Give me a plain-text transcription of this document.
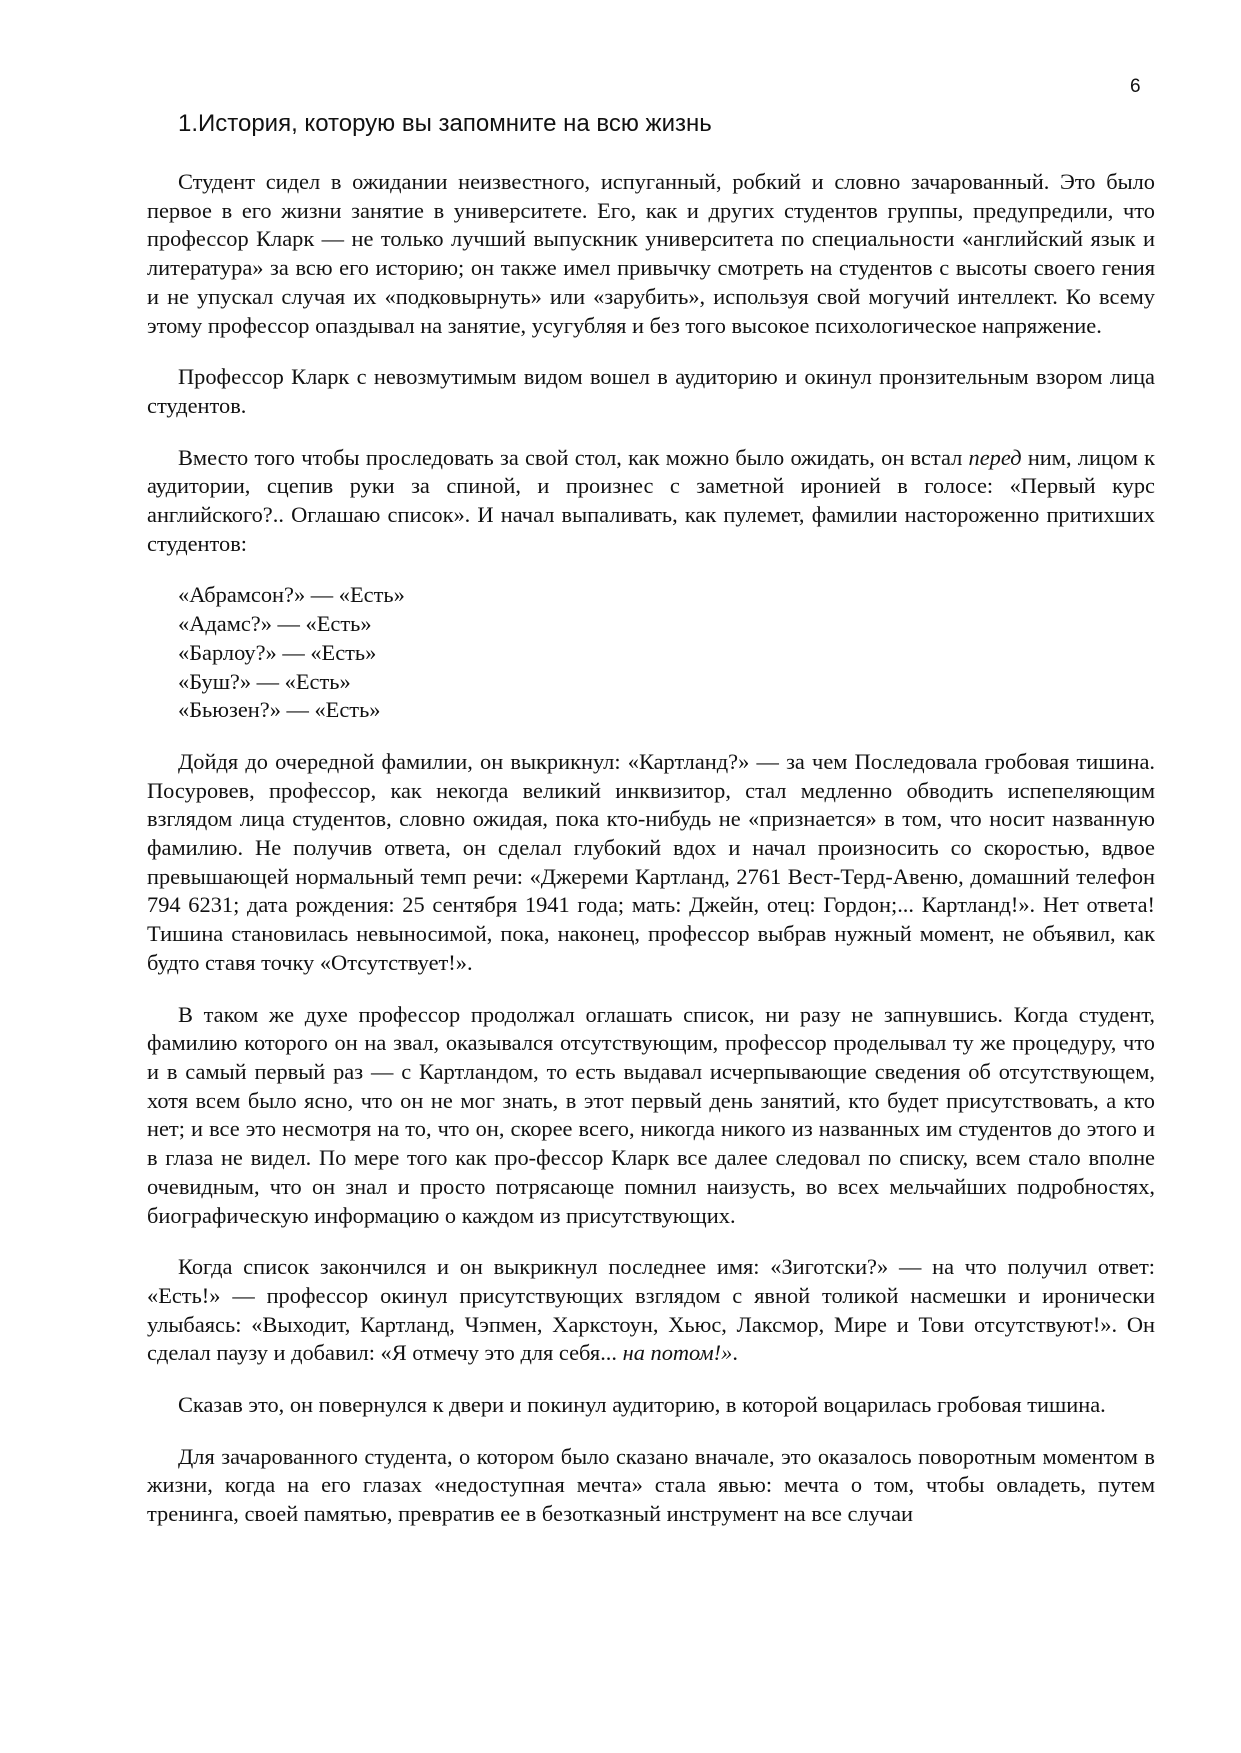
6
1.История, которую вы запомните на всю жизнь

Студент сидел в ожидании неизвестного, испуганный, робкий и словно зачарованный. Это было первое в его жизни занятие в университете. Его, как и других студентов группы, предупредили, что профессор Кларк — не только лучший выпускник университета по специальности «английский язык и литература» за всю его историю; он также имел привычку смотреть на студентов с высоты своего гения и не упускал случая их «подковырнуть» или «зарубить», используя свой могучий интеллект. Ко всему этому профессор опаздывал на занятие, усугубляя и без того высокое психологическое напряжение.

Профессор Кларк с невозмутимым видом вошел в аудиторию и окинул пронзительным взором лица студентов.

Вместо того чтобы проследовать за свой стол, как можно было ожидать, он встал перед ним, лицом к аудитории, сцепив руки за спиной, и произнес с заметной иронией в голосе: «Первый курс английского?.. Оглашаю список». И начал выпаливать, как пулемет, фамилии настороженно притихших студентов:

«Абрамсон?» — «Есть»
«Адамс?» — «Есть»
«Барлоу?» — «Есть»
«Буш?» — «Есть»
«Бьюзен?» — «Есть»

Дойдя до очередной фамилии, он выкрикнул: «Картланд?» — за чем Последовала гробовая тишина. Посуровев, профессор, как некогда великий инквизитор, стал медленно обводить испепеляющим взглядом лица студентов, словно ожидая, пока кто-нибудь не «признается» в том, что носит названную фамилию. Не получив ответа, он сделал глубокий вдох и начал произносить со скоростью, вдвое превышающей нормальный темп речи: «Джереми Картланд, 2761 Вест-Терд-Авеню, домашний телефон 794 6231; дата рождения: 25 сентября 1941 года; мать: Джейн, отец: Гордон;... Картланд!». Нет ответа! Тишина становилась невыносимой, пока, наконец, профессор выбрав нужный момент, не объявил, как будто ставя точку «Отсутствует!».

В таком же духе профессор продолжал оглашать список, ни разу не запнувшись. Когда студент, фамилию которого он на звал, оказывался отсутствующим, профессор проделывал ту же процедуру, что и в самый первый раз — с Картландом, то есть выдавал исчерпывающие сведения об отсутствующем, хотя всем было ясно, что он не мог знать, в этот первый день занятий, кто будет присутствовать, а кто нет; и все это несмотря на то, что он, скорее всего, никогда никого из названных им студентов до этого и в глаза не видел. По мере того как про-фессор Кларк все далее следовал по списку, всем стало вполне очевидным, что он знал и просто потрясающе помнил наизусть, во всех мельчайших подробностях, биографическую информацию о каждом из присутствующих.

Когда список закончился и он выкрикнул последнее имя: «Зиготски?» — на что получил ответ: «Есть!» — профессор окинул присутствующих взглядом с явной толикой насмешки и иронически улыбаясь: «Выходит, Картланд, Чэпмен, Харкстоун, Хьюс, Лаксмор, Мире и Тови отсутствуют!». Он сделал паузу и добавил: «Я отмечу это для себя... на потом!».

Сказав это, он повернулся к двери и покинул аудиторию, в которой воцарилась гробовая тишина.

Для зачарованного студента, о котором было сказано вначале, это оказалось поворотным моментом в жизни, когда на его глазах «недоступная мечта» стала явью: мечта о том, чтобы овладеть, путем тренинга, своей памятью, превратив ее в безотказный инструмент на все случаи
